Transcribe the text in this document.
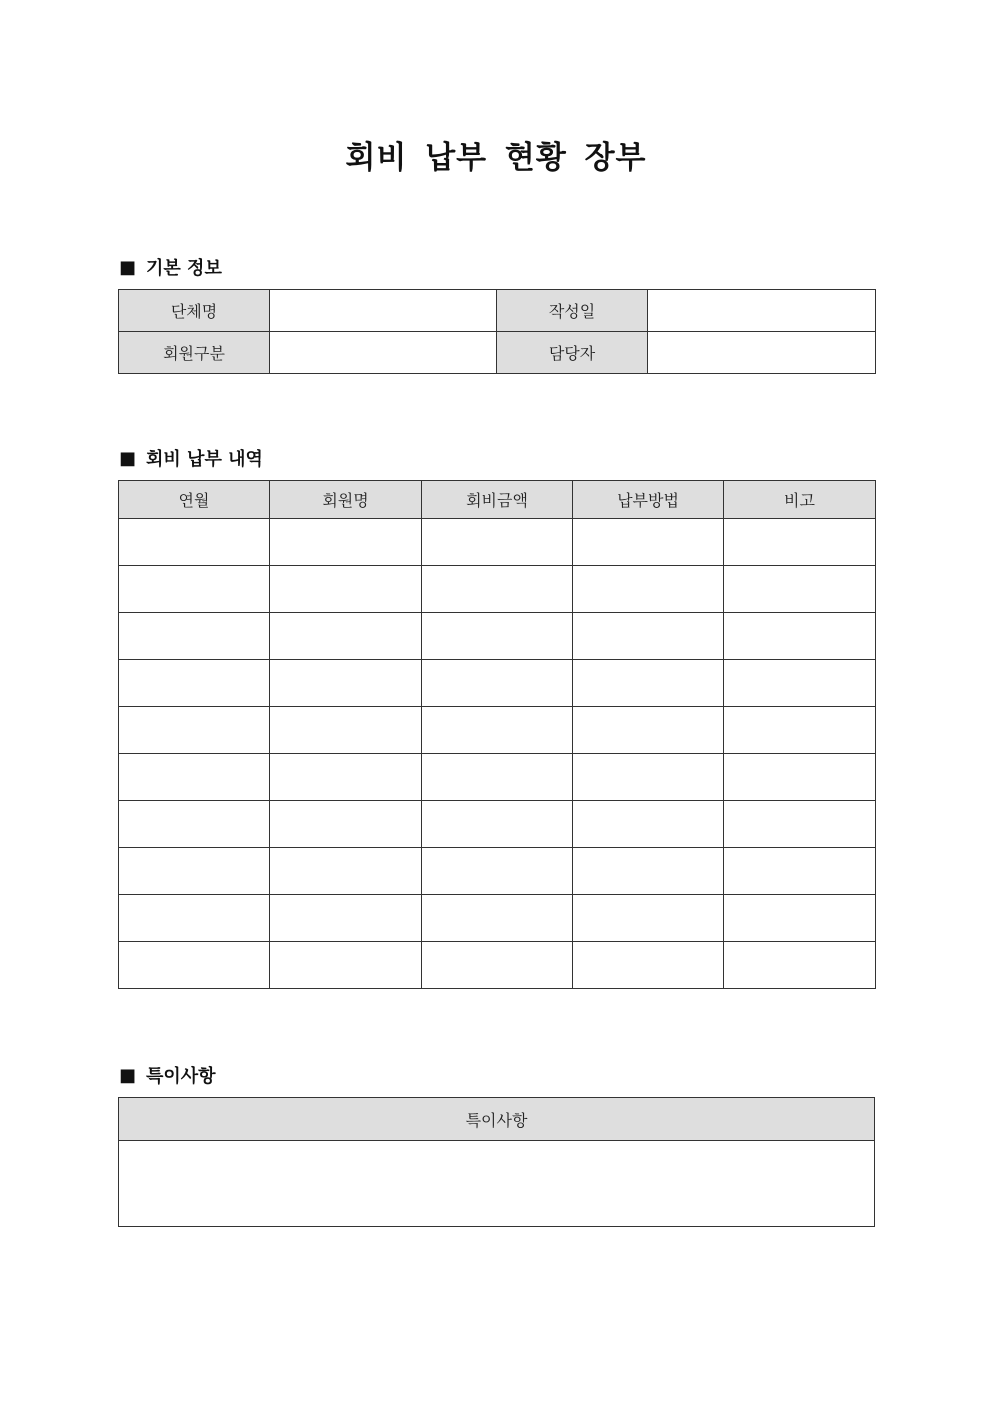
회비 납부 현황 장부
■ 기본 정보
단체명		작성일	
회원구분		담당자	
■ 회비 납부 내역
연월	회원명	회비금액	납부방법	비고

■ 특이사항
특이사항
